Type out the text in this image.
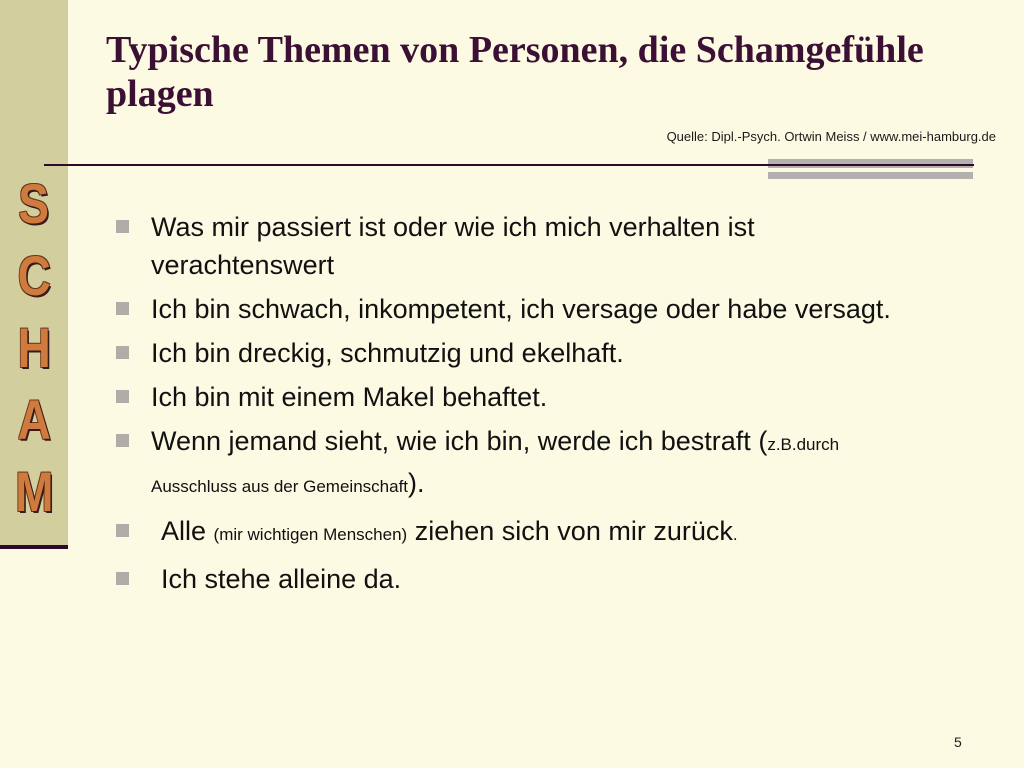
S
C
H
A
M
Typische Themen von Personen, die Schamgefühle plagen
Quelle: Dipl.-Psych. Ortwin Meiss / www.mei-hamburg.de
Was mir passiert ist oder wie ich mich verhalten ist verachtenswert
Ich bin schwach, inkompetent, ich versage oder habe versagt.
Ich bin dreckig, schmutzig und ekelhaft.
Ich bin mit einem Makel behaftet.
Wenn jemand sieht, wie ich bin, werde ich bestraft (z.B.durch Ausschluss aus der Gemeinschaft).
Alle (mir wichtigen Menschen) ziehen sich von mir zurück.
Ich stehe alleine da.
5
